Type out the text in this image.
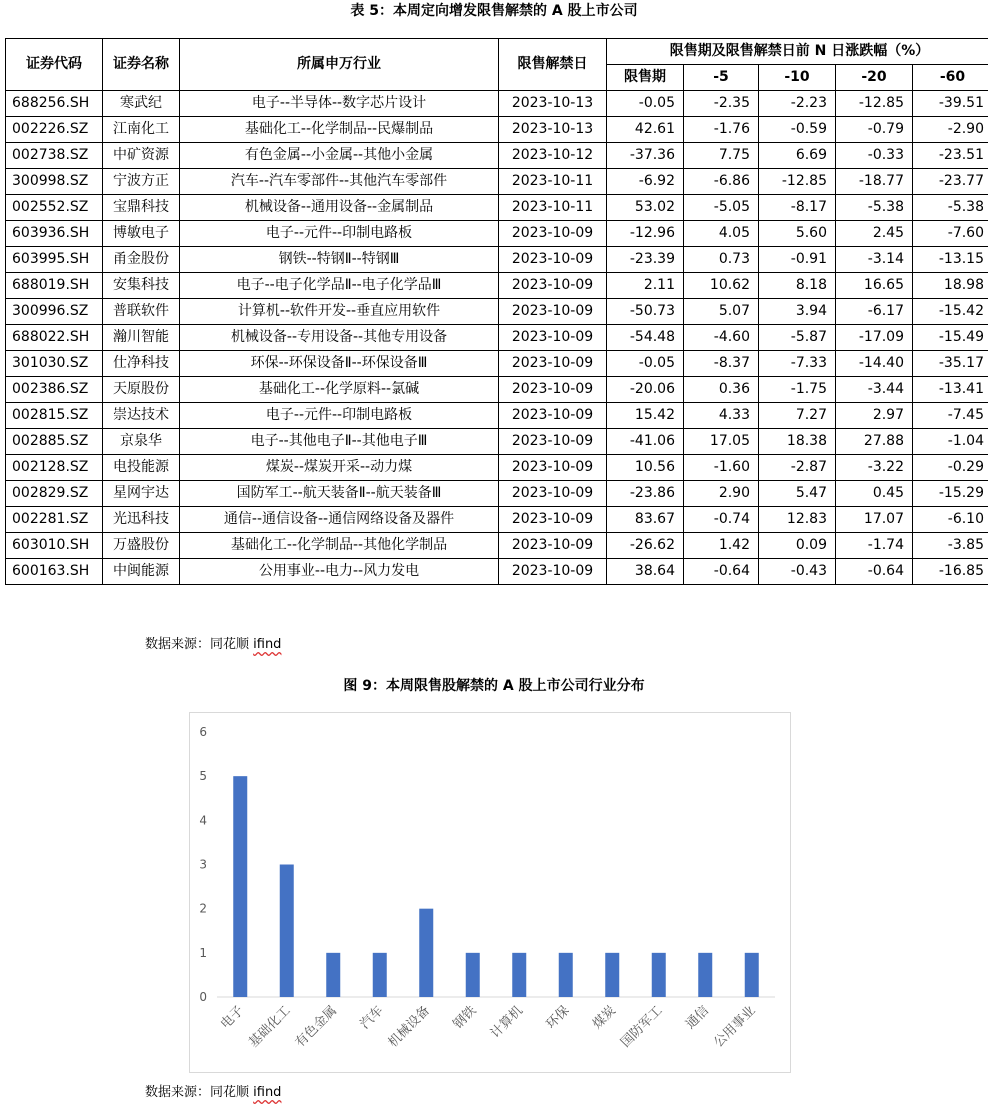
表 5：本周定向增发限售解禁的 A 股上市公司
证券代码	证券名称	所属申万行业	限售解禁日	限售期及限售解禁日前 N 日涨跌幅（%）				
				限售期	-5	-10	-20	-60
688256.SH	寒武纪	电子--半导体--数字芯片设计	2023-10-13	-0.05	-2.35	-2.23	-12.85	-39.51
002226.SZ	江南化工	基础化工--化学制品--民爆制品	2023-10-13	42.61	-1.76	-0.59	-0.79	-2.90
002738.SZ	中矿资源	有色金属--小金属--其他小金属	2023-10-12	-37.36	7.75	6.69	-0.33	-23.51
300998.SZ	宁波方正	汽车--汽车零部件--其他汽车零部件	2023-10-11	-6.92	-6.86	-12.85	-18.77	-23.77
002552.SZ	宝鼎科技	机械设备--通用设备--金属制品	2023-10-11	53.02	-5.05	-8.17	-5.38	-5.38
603936.SH	博敏电子	电子--元件--印制电路板	2023-10-09	-12.96	4.05	5.60	2.45	-7.60
603995.SH	甬金股份	钢铁--特钢Ⅱ--特钢Ⅲ	2023-10-09	-23.39	0.73	-0.91	-3.14	-13.15
688019.SH	安集科技	电子--电子化学品Ⅱ--电子化学品Ⅲ	2023-10-09	2.11	10.62	8.18	16.65	18.98
300996.SZ	普联软件	计算机--软件开发--垂直应用软件	2023-10-09	-50.73	5.07	3.94	-6.17	-15.42
688022.SH	瀚川智能	机械设备--专用设备--其他专用设备	2023-10-09	-54.48	-4.60	-5.87	-17.09	-15.49
301030.SZ	仕净科技	环保--环保设备Ⅱ--环保设备Ⅲ	2023-10-09	-0.05	-8.37	-7.33	-14.40	-35.17
002386.SZ	天原股份	基础化工--化学原料--氯碱	2023-10-09	-20.06	0.36	-1.75	-3.44	-13.41
002815.SZ	崇达技术	电子--元件--印制电路板	2023-10-09	15.42	4.33	7.27	2.97	-7.45
002885.SZ	京泉华	电子--其他电子Ⅱ--其他电子Ⅲ	2023-10-09	-41.06	17.05	18.38	27.88	-1.04
002128.SZ	电投能源	煤炭--煤炭开采--动力煤	2023-10-09	10.56	-1.60	-2.87	-3.22	-0.29
002829.SZ	星网宇达	国防军工--航天装备Ⅱ--航天装备Ⅲ	2023-10-09	-23.86	2.90	5.47	0.45	-15.29
002281.SZ	光迅科技	通信--通信设备--通信网络设备及器件	2023-10-09	83.67	-0.74	12.83	17.07	-6.10
603010.SH	万盛股份	基础化工--化学制品--其他化学制品	2023-10-09	-26.62	1.42	0.09	-1.74	-3.85
600163.SH	中闽能源	公用事业--电力--风力发电	2023-10-09	38.64	-0.64	-0.43	-0.64	-16.85
数据来源：同花顺 ifind
图 9：本周限售股解禁的 A 股上市公司行业分布
0
1
2
3
4
5
6
电子 基础化工 有色金属 汽车 机械设备 钢铁 计算机 环保 煤炭 国防军工 通信 公用事业
数据来源：同花顺 ifind
